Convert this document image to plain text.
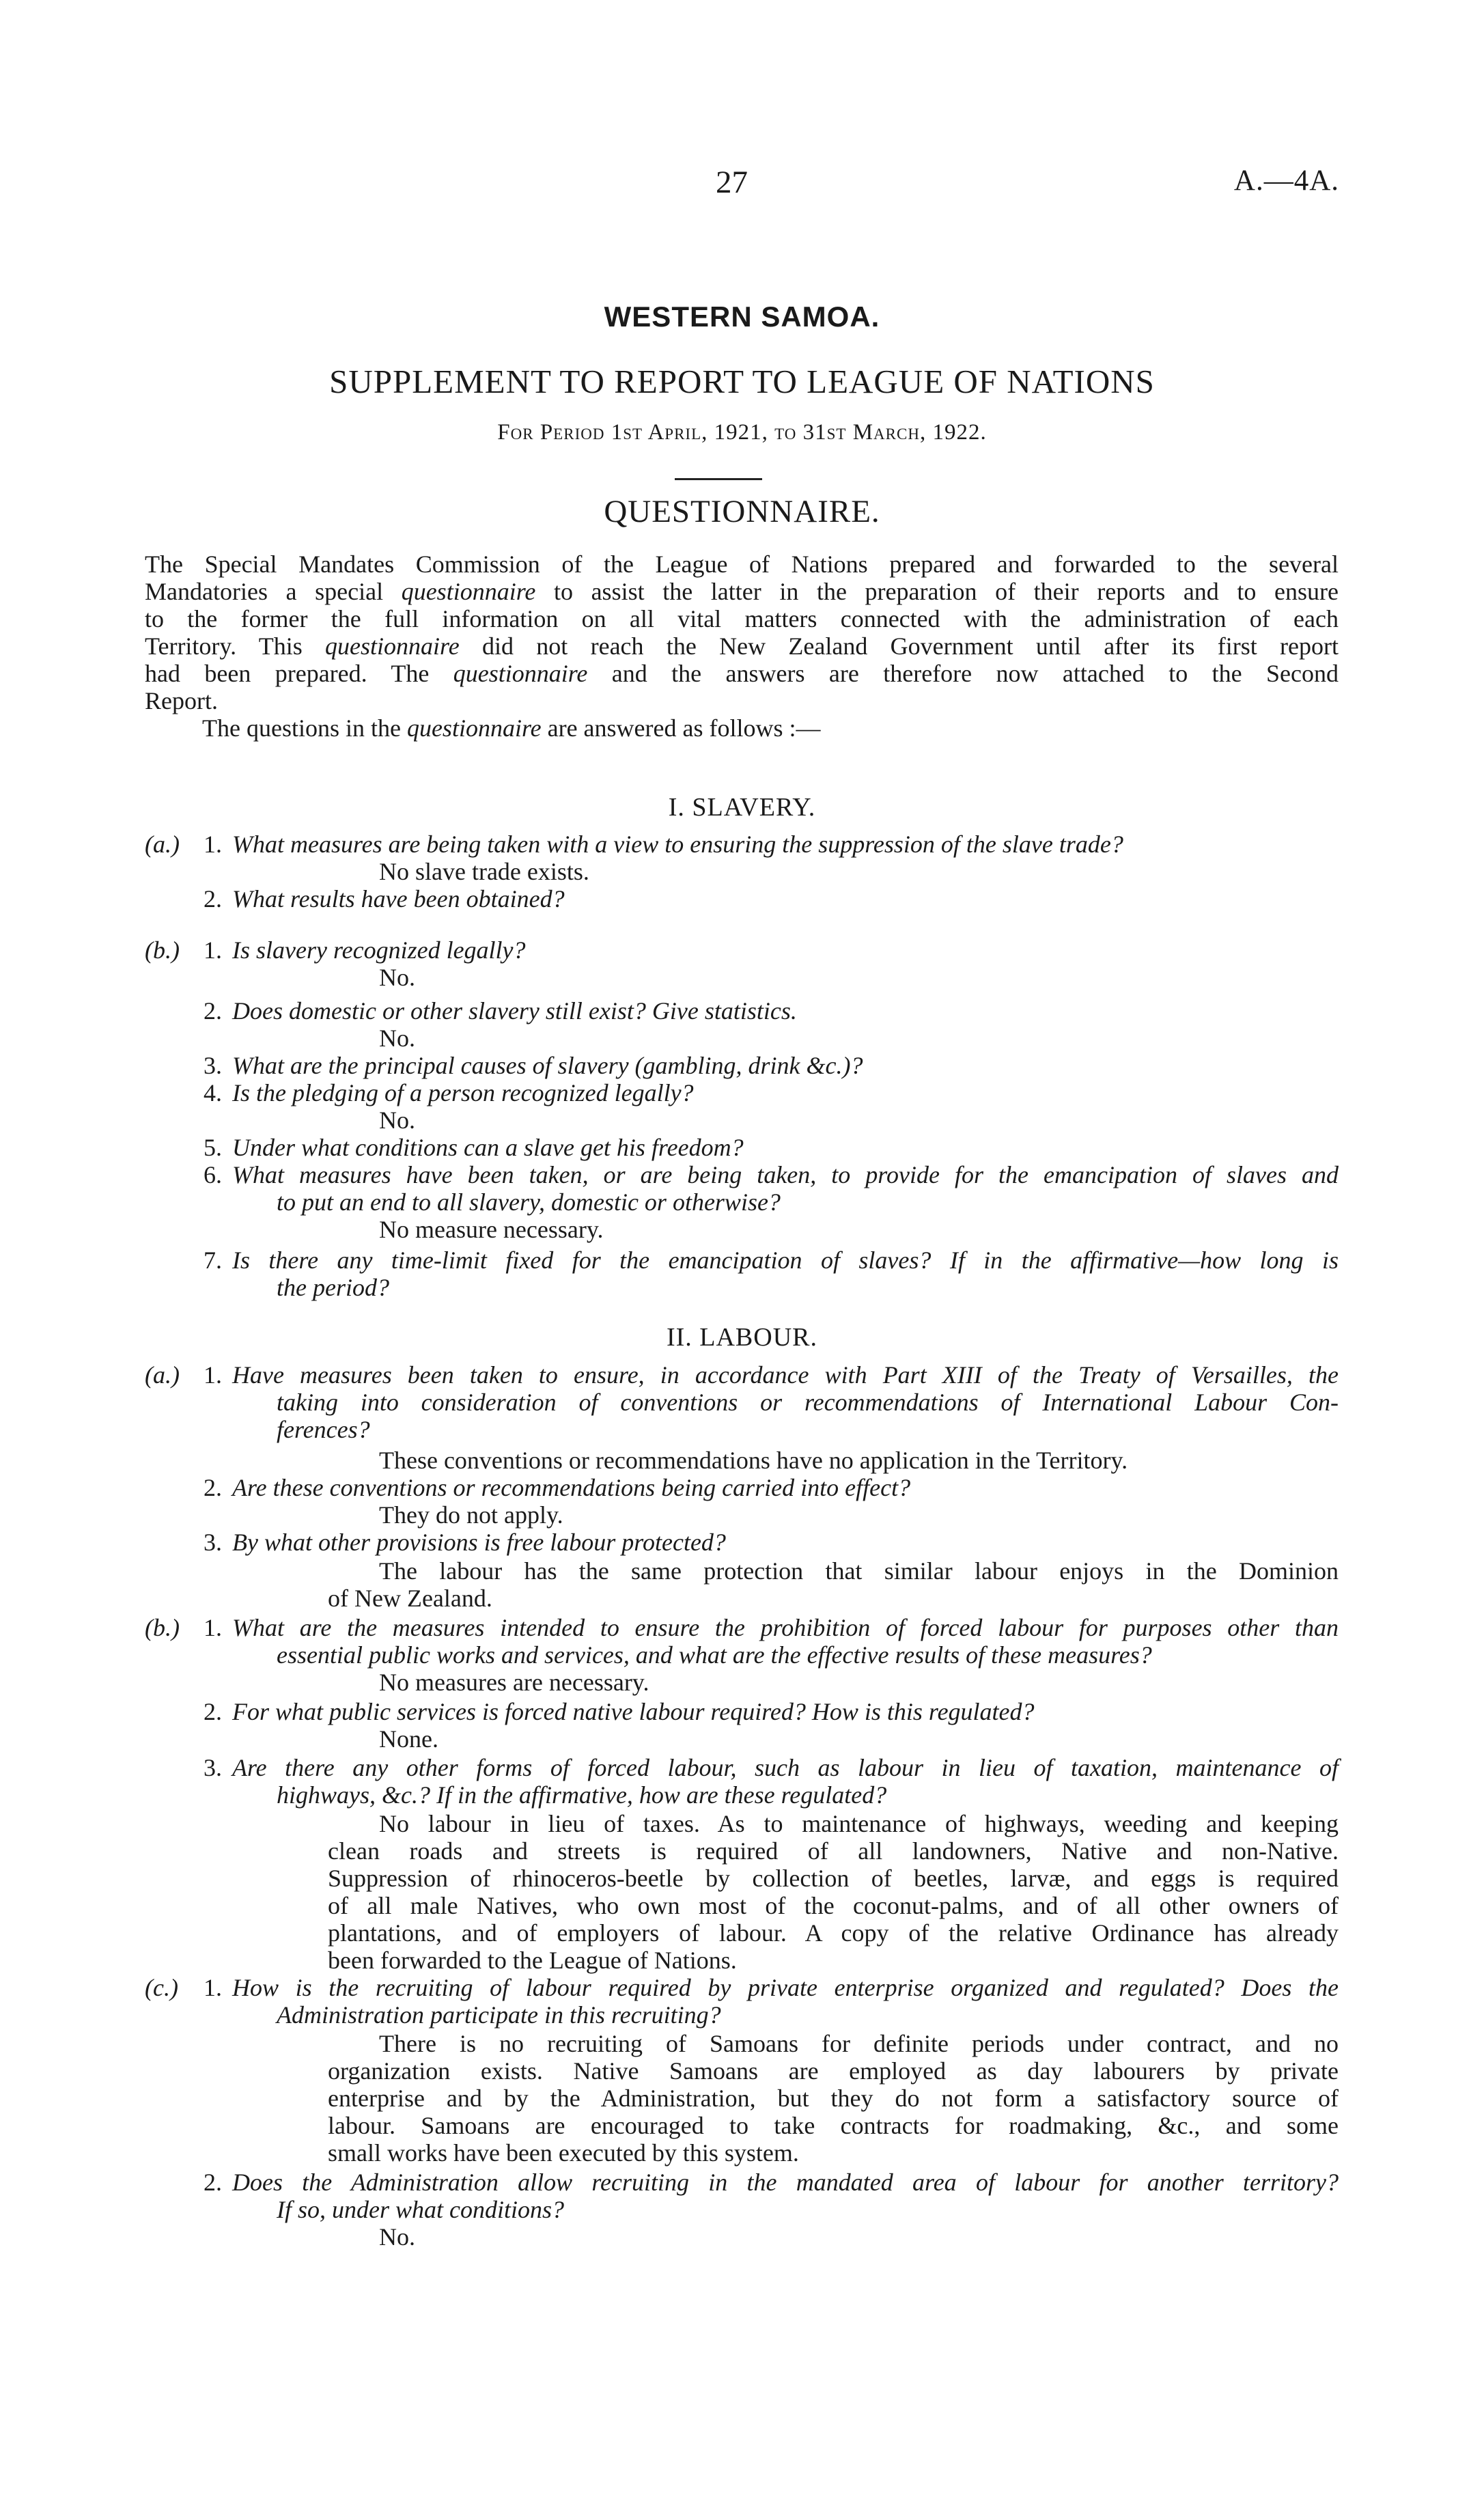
27	A.—4A.
WESTERN SAMOA.
SUPPLEMENT TO REPORT TO LEAGUE OF NATIONS
For Period 1st April, 1921, to 31st March, 1922.
QUESTIONNAIRE.
The Special Mandates Commission of the League of Nations prepared and forwarded to the several
Mandatories a special questionnaire to assist the latter in the preparation of their reports and to ensure
to the former the full information on all vital matters connected with the administration of each
Territory. This questionnaire did not reach the New Zealand Government until after its first report
had been prepared. The questionnaire and the answers are therefore now attached to the Second
Report.
The questions in the questionnaire are answered as follows :—
I. SLAVERY.
(a.) 1. What measures are being taken with a view to ensuring the suppression of the slave trade?
No slave trade exists.
2. What results have been obtained?
(b.) 1. Is slavery recognized legally?
No.
2. Does domestic or other slavery still exist? Give statistics.
No.
3. What are the principal causes of slavery (gambling, drink &c.)?
4. Is the pledging of a person recognized legally?
No.
5. Under what conditions can a slave get his freedom?
6. What measures have been taken, or are being taken, to provide for the emancipation of slaves and
to put an end to all slavery, domestic or otherwise?
No measure necessary.
7. Is there any time-limit fixed for the emancipation of slaves? If in the affirmative—how long is
the period?
II. LABOUR.
(a.) 1. Have measures been taken to ensure, in accordance with Part XIII of the Treaty of Versailles, the
taking into consideration of conventions or recommendations of International Labour Con-
ferences?
These conventions or recommendations have no application in the Territory.
2. Are these conventions or recommendations being carried into effect?
They do not apply.
3. By what other provisions is free labour protected?
The labour has the same protection that similar labour enjoys in the Dominion
of New Zealand.
(b.) 1. What are the measures intended to ensure the prohibition of forced labour for purposes other than
essential public works and services, and what are the effective results of these measures?
No measures are necessary.
2. For what public services is forced native labour required? How is this regulated?
None.
3. Are there any other forms of forced labour, such as labour in lieu of taxation, maintenance of
highways, &c.? If in the affirmative, how are these regulated?
No labour in lieu of taxes. As to maintenance of highways, weeding and keeping
clean roads and streets is required of all landowners, Native and non-Native.
Suppression of rhinoceros-beetle by collection of beetles, larvæ, and eggs is required
of all male Natives, who own most of the coconut-palms, and of all other owners of
plantations, and of employers of labour. A copy of the relative Ordinance has already
been forwarded to the League of Nations.
(c.) 1. How is the recruiting of labour required by private enterprise organized and regulated? Does the
Administration participate in this recruiting?
There is no recruiting of Samoans for definite periods under contract, and no
organization exists. Native Samoans are employed as day labourers by private
enterprise and by the Administration, but they do not form a satisfactory source of
labour. Samoans are encouraged to take contracts for roadmaking, &c., and some
small works have been executed by this system.
2. Does the Administration allow recruiting in the mandated area of labour for another territory?
If so, under what conditions?
No.
